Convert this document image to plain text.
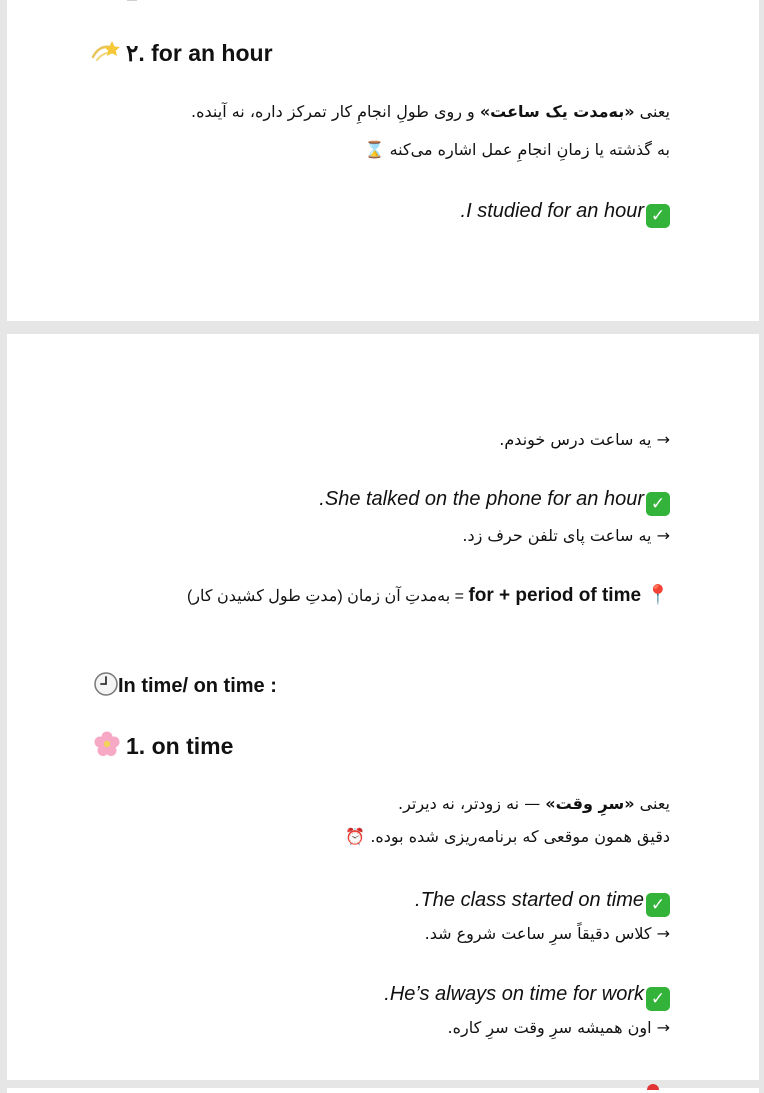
۲. for an hour
یعنی «به‌مدت یک ساعت» و روی طولِ انجامِ کار تمرکز داره، نه آینده.
به گذشته یا زمانِ انجامِ عمل اشاره می‌کنه ⌛
✓I studied for an hour.
→ یه ساعت درس خوندم.
✓She talked on the phone for an hour.
→ یه ساعت پای تلفن حرف زد.
📍 for + period of time = به‌مدتِ آن زمان (مدتِ طول کشیدن کار)
In time/ on time :
1. on time
یعنی «سرِ وقت» — نه زودتر، نه دیرتر.
دقیق همون موقعی که برنامه‌ریزی شده بوده. ⏰
✓The class started on time.
→ کلاس دقیقاً سرِ ساعت شروع شد.
✓He’s always on time for work.
→ اون همیشه سرِ وقت سرِ کاره.
